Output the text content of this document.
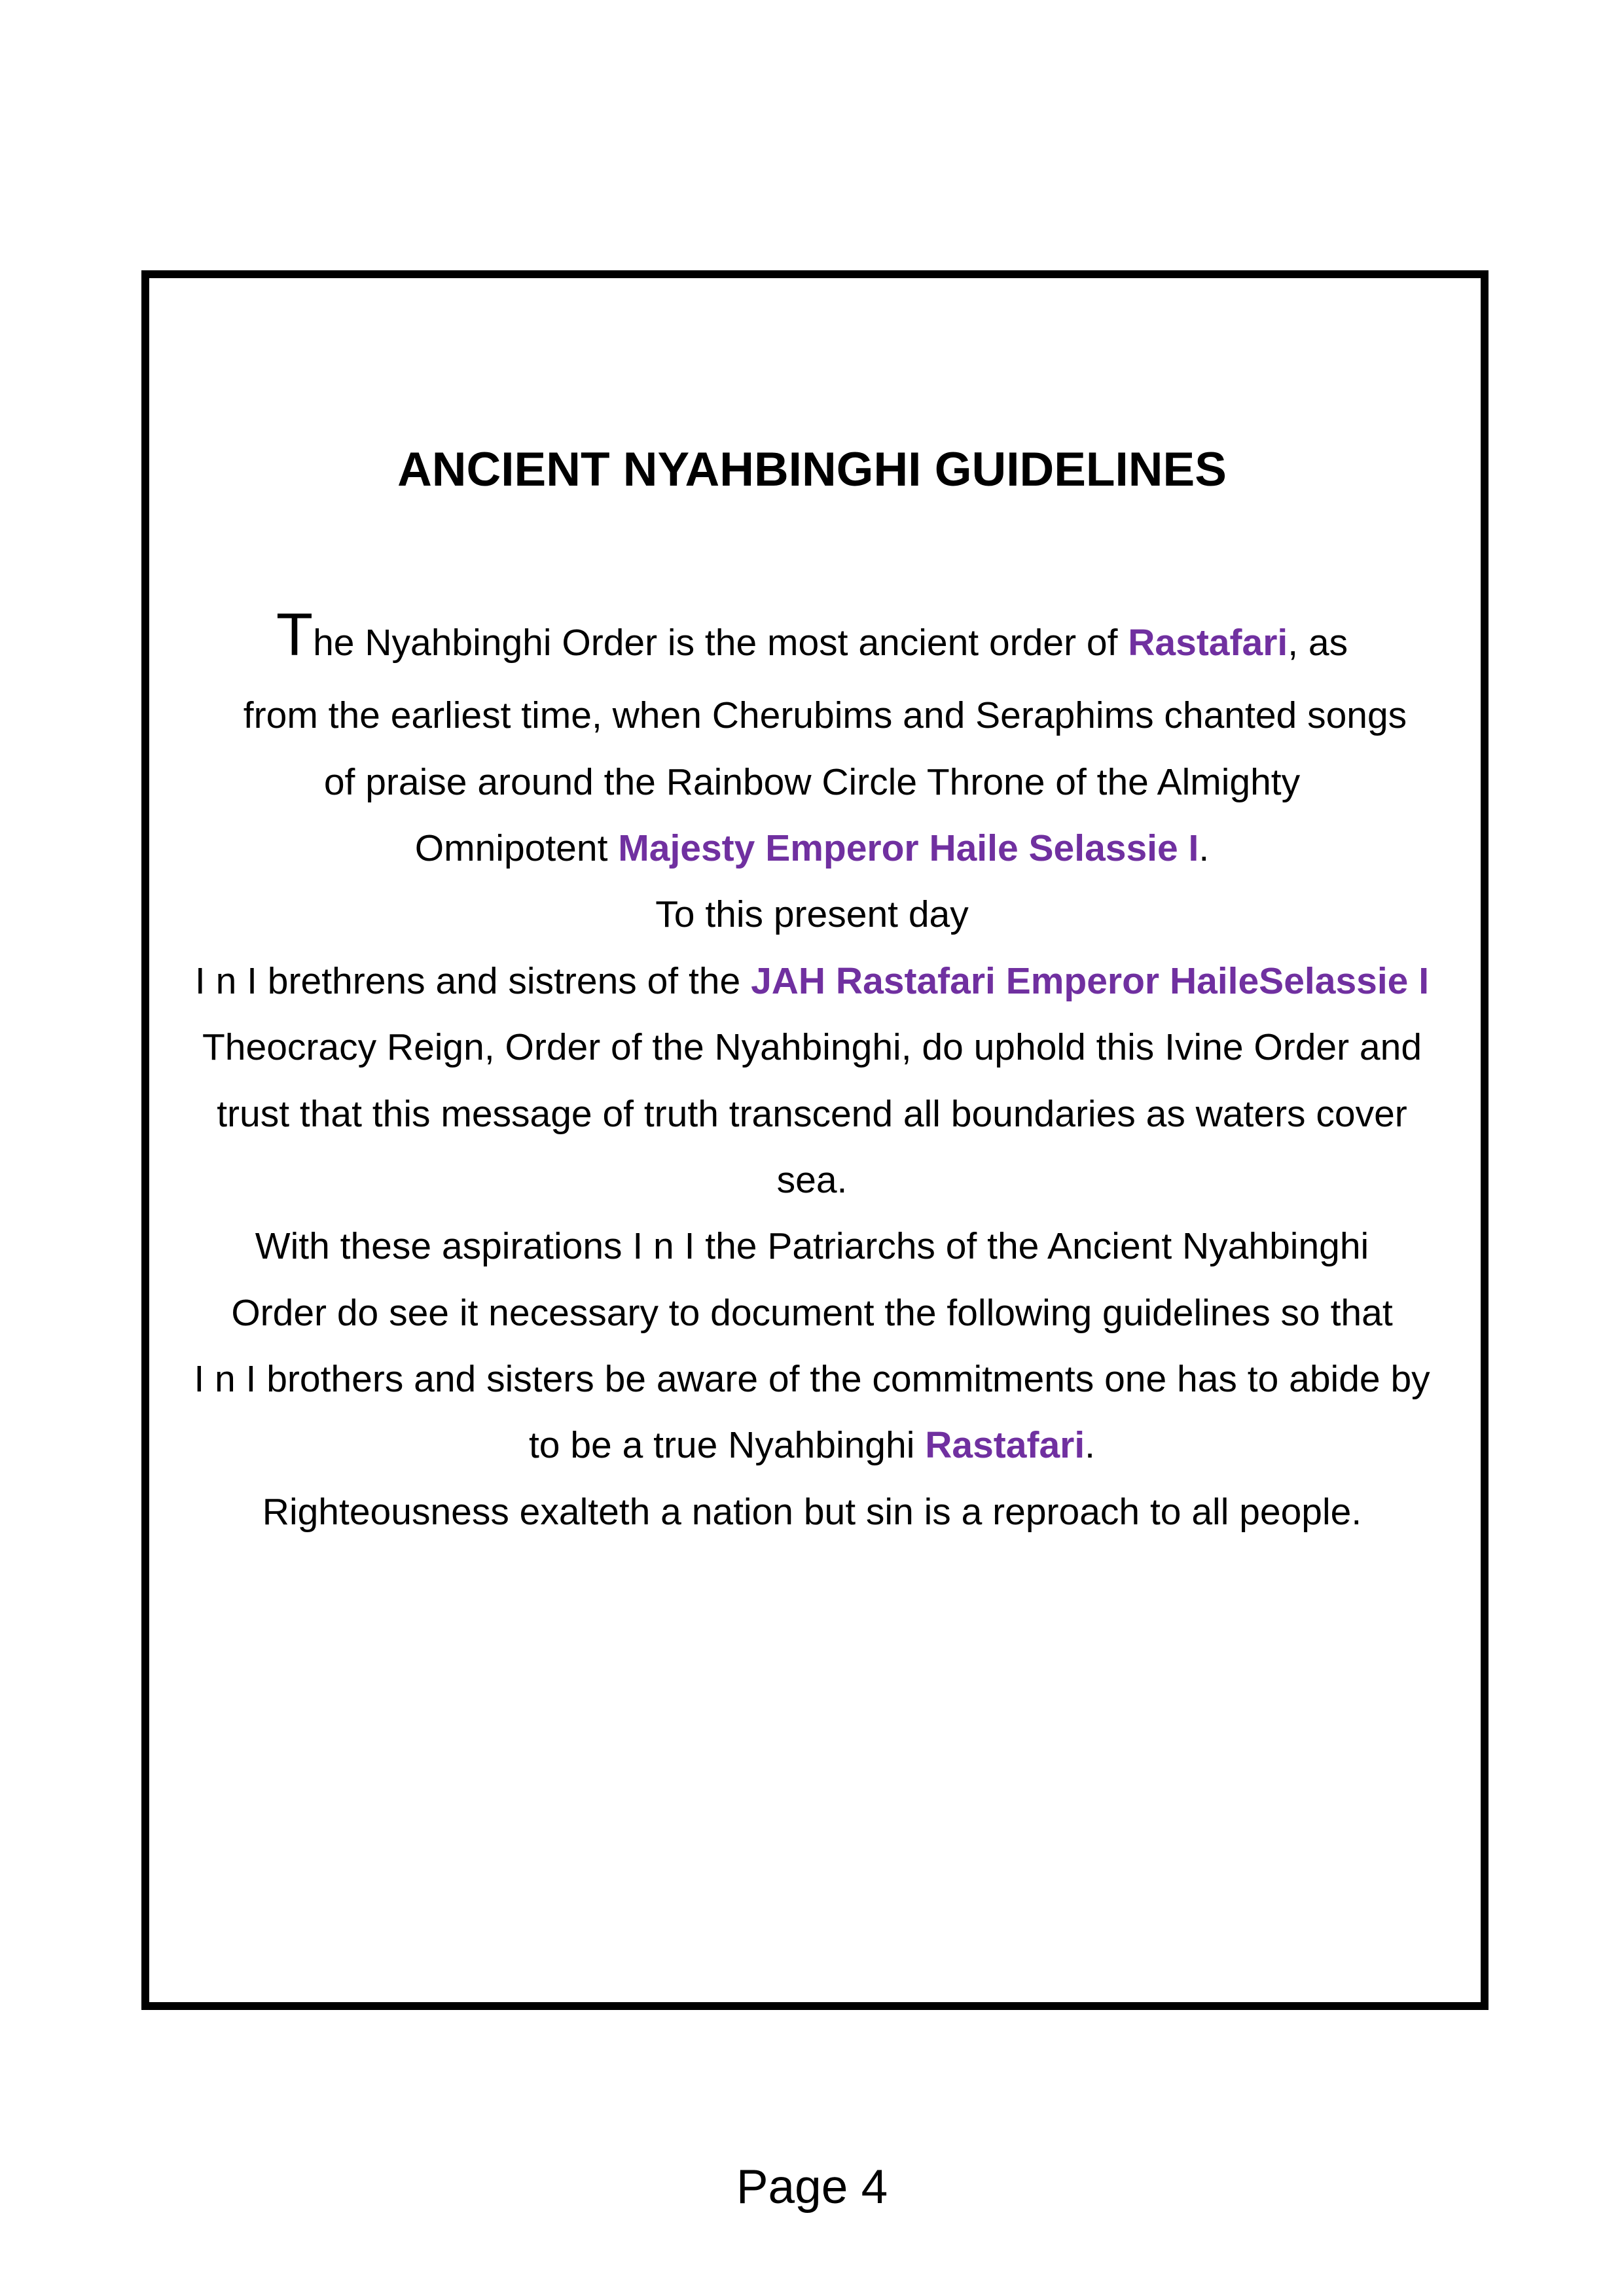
ANCIENT NYAHBINGHI GUIDELINES
The Nyahbinghi Order is the most ancient order of Rastafari, as
from the earliest time, when Cherubims and Seraphims chanted songs
of praise around the Rainbow Circle Throne of the Almighty
Omnipotent Majesty Emperor Haile Selassie I.
To this present day
I n I brethrens and sistrens of the JAH Rastafari Emperor HaileSelassie I
Theocracy Reign, Order of the Nyahbinghi, do uphold this Ivine Order and
trust that this message of truth transcend all boundaries as waters cover
sea.
With these aspirations I n I the Patriarchs of the Ancient Nyahbinghi
Order do see it necessary to document the following guidelines so that
I n I brothers and sisters be aware of the commitments one has to abide by
to be a true Nyahbinghi Rastafari.
Righteousness exalteth a nation but sin is a reproach to all people.
Page 4
